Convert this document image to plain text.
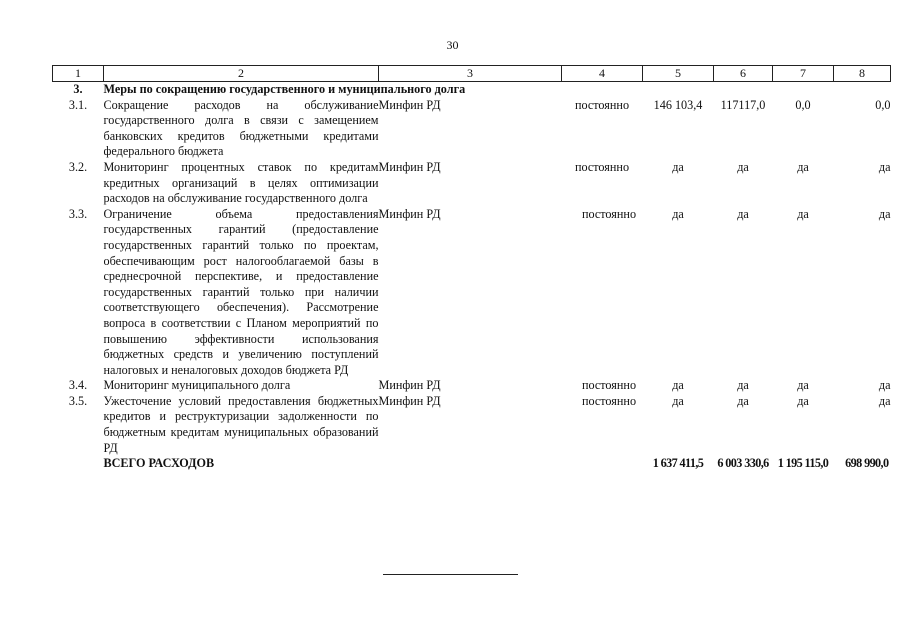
30
1	2	3	4	5	6	7	8
3.	Меры по сокращению государственного и муниципального долга						
3.1.	Сокращение расходов на обслуживание государственного долга в связи с замещением банковских кредитов бюджетными кредитами федерального бюджета	Минфин РД	постоянно	146 103,4	117117,0	0,0	0,0
3.2.	Мониторинг процентных ставок по кредитам кредитных организаций в целях оптимизации расходов на обслуживание государственного долга	Минфин РД	постоянно	да	да	да	да
3.3.	Ограничение объема предоставления государственных гарантий (предоставление государственных гарантий только по проектам, обеспечивающим рост налогооблагаемой базы в среднесрочной перспективе, и предоставление государственных гарантий только при наличии соответствующего обеспечения). Рассмотрение вопроса в соответствии с Планом мероприятий по повышению эффективности использования бюджетных средств и увеличению поступлений налоговых и неналоговых доходов бюджета РД	Минфин РД	постоянно	да	да	да	да
3.4.	Мониторинг муниципального долга	Минфин РД	постоянно	да	да	да	да
3.5.	Ужесточение условий предоставления бюджетных кредитов и реструктуризации задолженности по бюджетным кредитам муниципальных образований РД	Минфин РД	постоянно	да	да	да	да
	ВСЕГО РАСХОДОВ			1 637 411,5	6 003 330,6	1 195 115,0	698 990,0
